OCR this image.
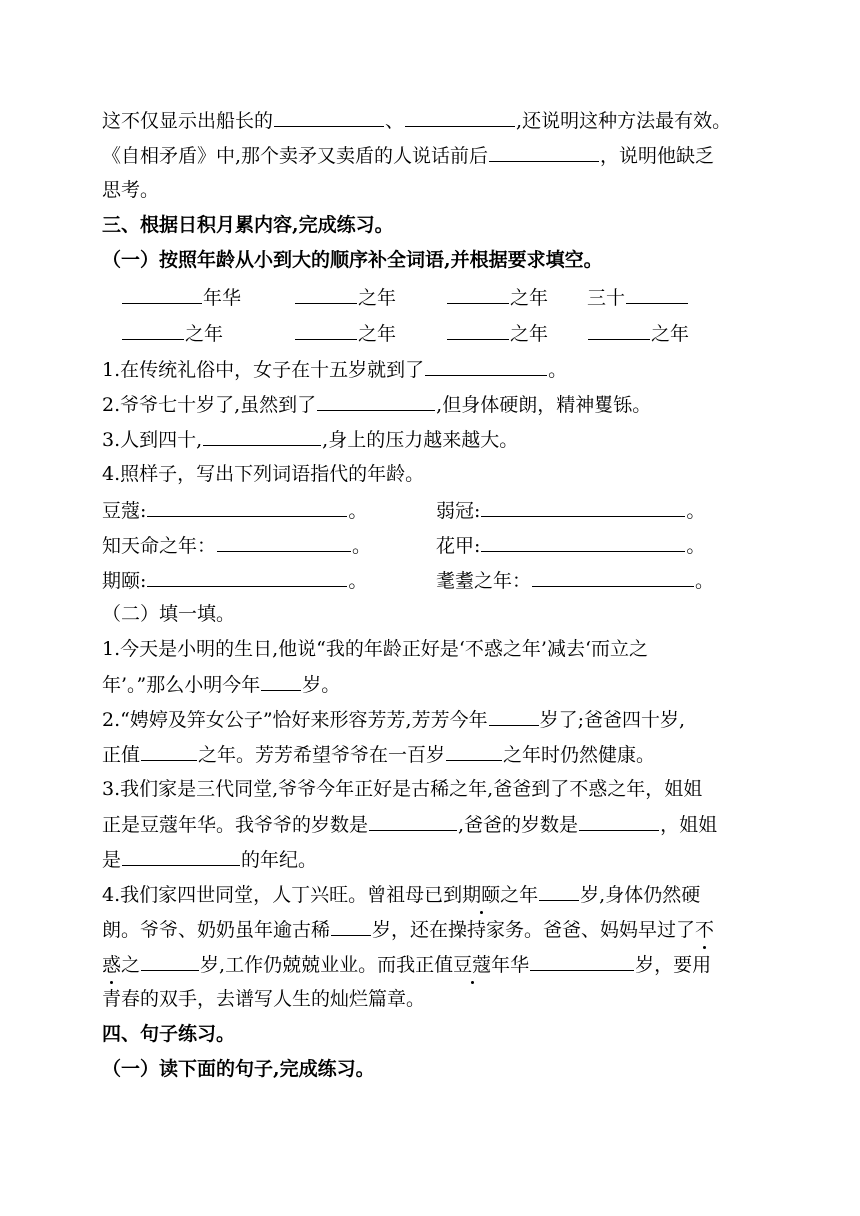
这不仅显示出船长的	、	,还说明这种方法最有效。
《自相矛盾》中,那个卖矛又卖盾的人说话前后	，说明他缺乏
思考。
三、根据日积月累内容,完成练习。
（一）按照年龄从小到大的顺序补全词语,并根据要求填空。
年华	之年	之年 三十
之年	之年	之年	之年
1.在传统礼俗中，女子在十五岁就到了	。
2.爷爷七十岁了,虽然到了	,但身体硬朗，精神矍铄。
3.人到四十,	,身上的压力越来越大。
4.照样子，写出下列词语指代的年龄。
豆蔻:	。	弱冠:	。
知天命之年：	。	花甲:	。
期颐:	。	耄耋之年：	。
（二）填一填。
1.今天是小明的生日,他说“我的年龄正好是‘不惑之年’减去‘而立之
年’。”那么小明今年 岁。
2.“娉婷及笄女公子”恰好来形容芳芳,芳芳今年	岁了;爸爸四十岁,
正值	之年。芳芳希望爷爷在一百岁	之年时仍然健康。
3.我们家是三代同堂,爷爷今年正好是古稀之年,爸爸到了不惑之年，姐姐
正是豆蔻年华。我爷爷的岁数是	,爸爸的岁数是	，姐姐
是	的年纪。
4.我们家四世同堂，人丁兴旺。曾祖母已到期颐之年 岁,身体仍然硬
朗。爷爷、奶奶虽年逾古稀 岁，还在操持家务。爸爸、妈妈早过了不
惑之	岁,工作仍兢兢业业。而我正值豆蔻年华	岁，要用
青春的双手，去谱写人生的灿烂篇章。
四、句子练习。
（一）读下面的句子,完成练习。
